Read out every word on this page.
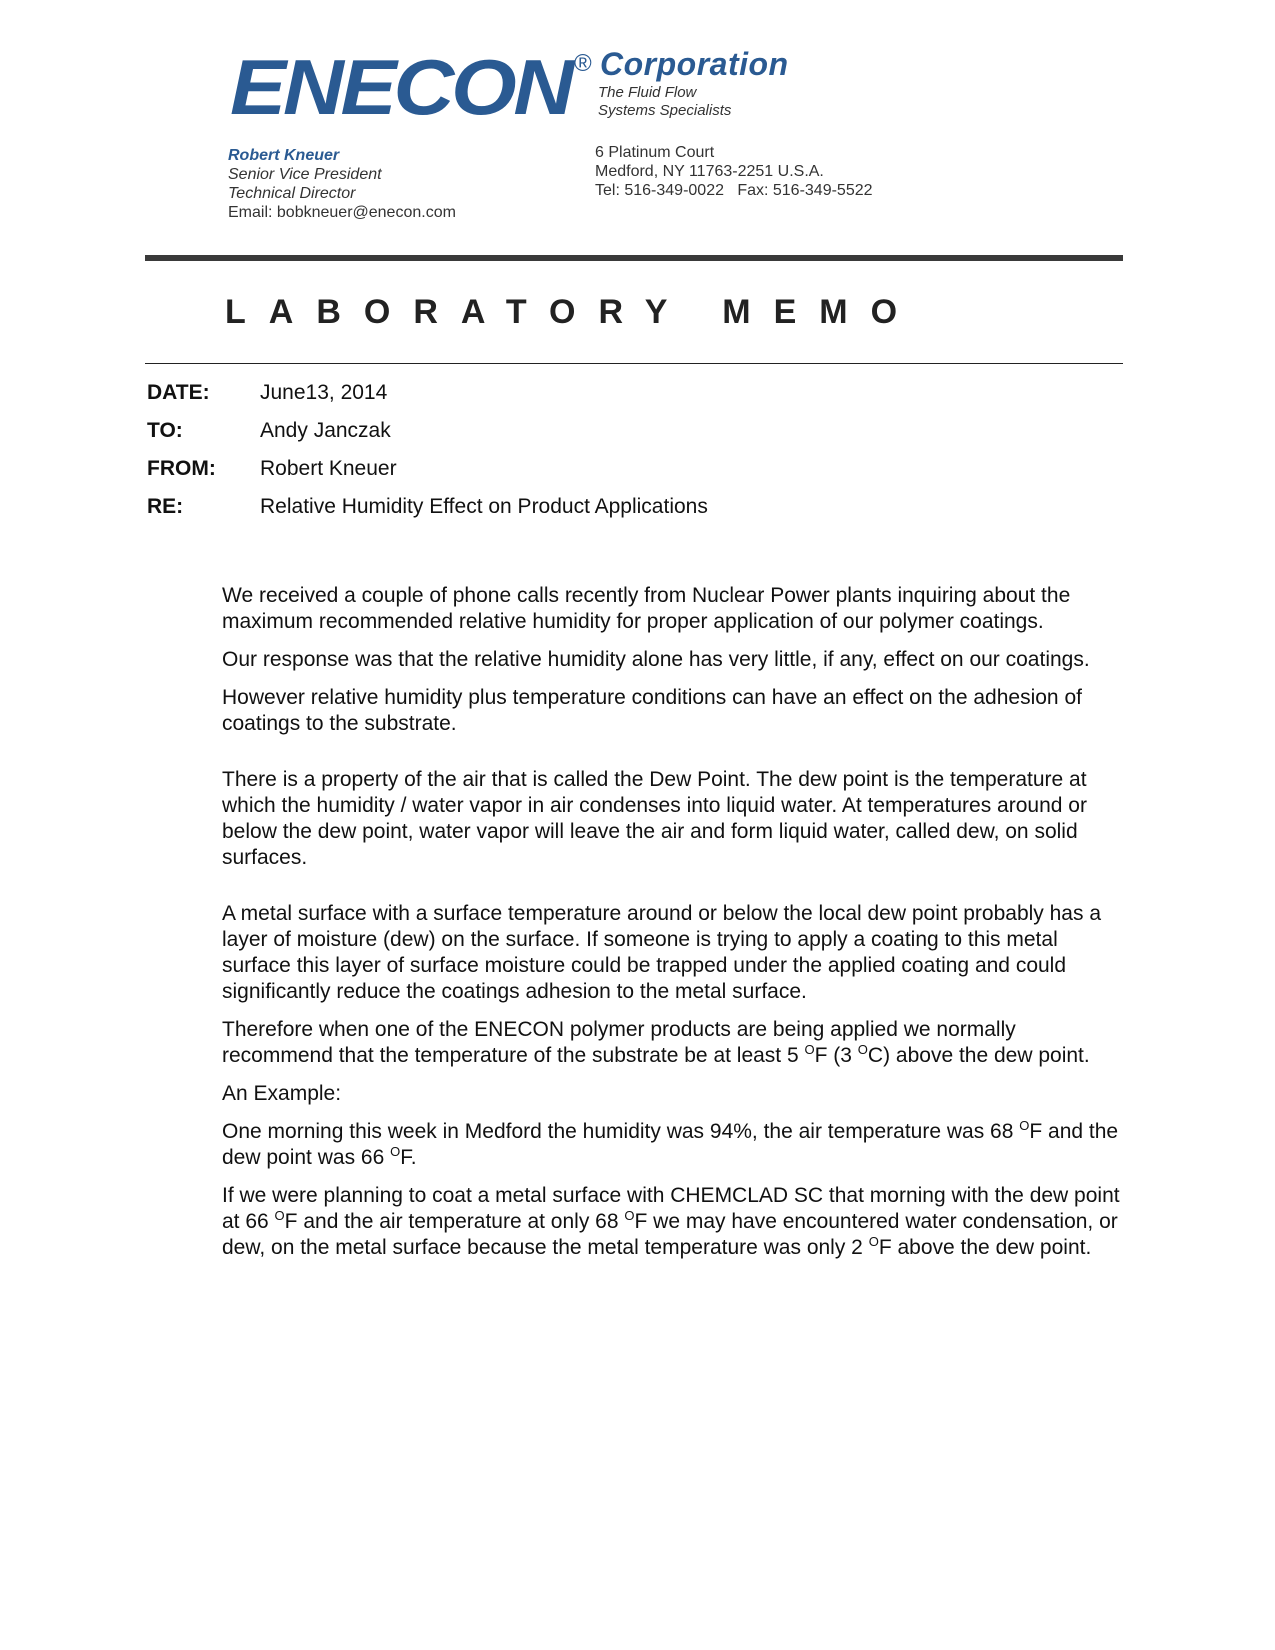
ENECON ® Corporation
The Fluid Flow
Systems Specialists
Robert Kneuer
Senior Vice President
Technical Director
Email: bobkneuer@enecon.com
6 Platinum Court
Medford, NY 11763-2251 U.S.A.
Tel: 516-349-0022   Fax: 516-349-5522
LABORATORY MEMO
DATE: June13, 2014
TO:	Andy Janczak
FROM: Robert Kneuer
RE:	Relative Humidity Effect on Product Applications

We received a couple of phone calls recently from Nuclear Power plants inquiring about the maximum recommended relative humidity for proper application of our polymer coatings.

Our response was that the relative humidity alone has very little, if any, effect on our coatings.

However relative humidity plus temperature conditions can have an effect on the adhesion of coatings to the substrate.

There is a property of the air that is called the Dew Point. The dew point is the temperature at which the humidity / water vapor in air condenses into liquid water. At temperatures around or below the dew point, water vapor will leave the air and form liquid water, called dew, on solid surfaces.

A metal surface with a surface temperature around or below the local dew point probably has a layer of moisture (dew) on the surface. If someone is trying to apply a coating to this metal surface this layer of surface moisture could be trapped under the applied coating and could significantly reduce the coatings adhesion to the metal surface.

Therefore when one of the ENECON polymer products are being applied we normally recommend that the temperature of the substrate be at least 5 $^O$F (3 $^O$C) above the dew point.

An Example:

One morning this week in Medford the humidity was 94%, the air temperature was 68 $^O$F and the dew point was 66 $^O$F.

If we were planning to coat a metal surface with CHEMCLAD SC that morning with the dew point at 66 $^O$F and the air temperature at only 68 $^O$F we may have encountered water condensation, or dew, on the metal surface because the metal temperature was only 2 $^O$F above the dew point.
